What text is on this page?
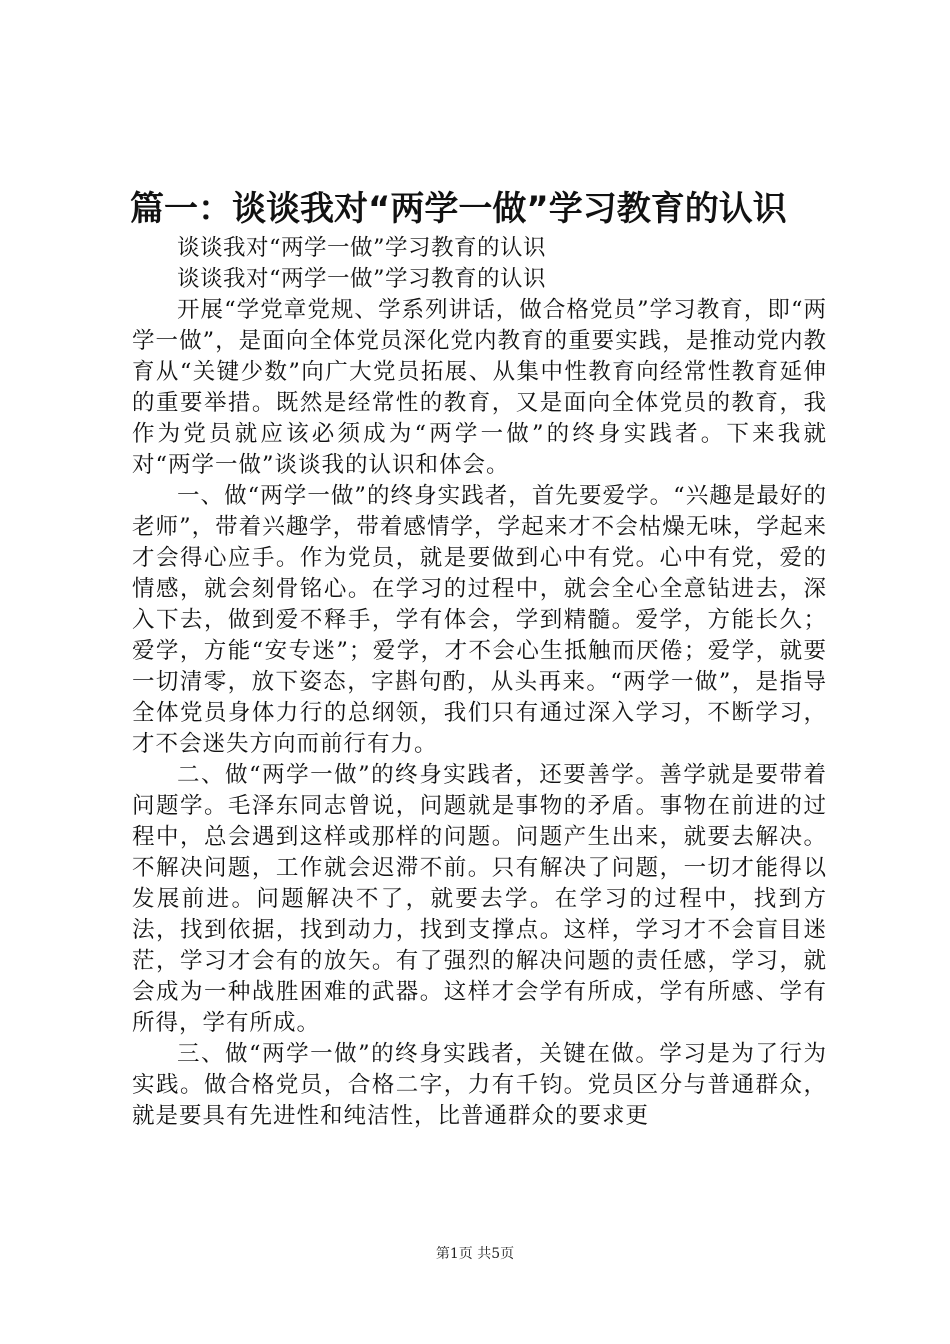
篇一：谈谈我对“两学一做”学习教育的认识

谈谈我对“两学一做”学习教育的认识

谈谈我对“两学一做”学习教育的认识

开展“学党章党规、学系列讲话，做合格党员”学习教育，即“两学一做”，是面向全体党员深化党内教育的重要实践，是推动党内教育从“关键少数”向广大党员拓展、从集中性教育向经常性教育延伸的重要举措。既然是经常性的教育，又是面向全体党员的教育，我作为党员就应该必须成为“两学一做”的终身实践者。下来我就对“两学一做”谈谈我的认识和体会。

一、做“两学一做”的终身实践者，首先要爱学。“兴趣是最好的老师”，带着兴趣学，带着感情学，学起来才不会枯燥无味，学起来才会得心应手。作为党员，就是要做到心中有党。心中有党，爱的情感，就会刻骨铭心。在学习的过程中，就会全心全意钻进去，深入下去，做到爱不释手，学有体会，学到精髓。爱学，方能长久；爱学，方能“安专迷”；爱学，才不会心生抵触而厌倦；爱学，就要一切清零，放下姿态，字斟句酌，从头再来。“两学一做”，是指导全体党员身体力行的总纲领，我们只有通过深入学习，不断学习，才不会迷失方向而前行有力。

二、做“两学一做”的终身实践者，还要善学。善学就是要带着问题学。毛泽东同志曾说，问题就是事物的矛盾。事物在前进的过程中，总会遇到这样或那样的问题。问题产生出来，就要去解决。不解决问题，工作就会迟滞不前。只有解决了问题，一切才能得以发展前进。问题解决不了，就要去学。在学习的过程中，找到方法，找到依据，找到动力，找到支撑点。这样，学习才不会盲目迷茫，学习才会有的放矢。有了强烈的解决问题的责任感，学习，就会成为一种战胜困难的武器。这样才会学有所成，学有所感、学有所得，学有所成。

三、做“两学一做”的终身实践者，关键在做。学习是为了行为实践。做合格党员，合格二字，力有千钧。党员区分与普通群众，就是要具有先进性和纯洁性，比普通群众的要求更

第1页 共5页
